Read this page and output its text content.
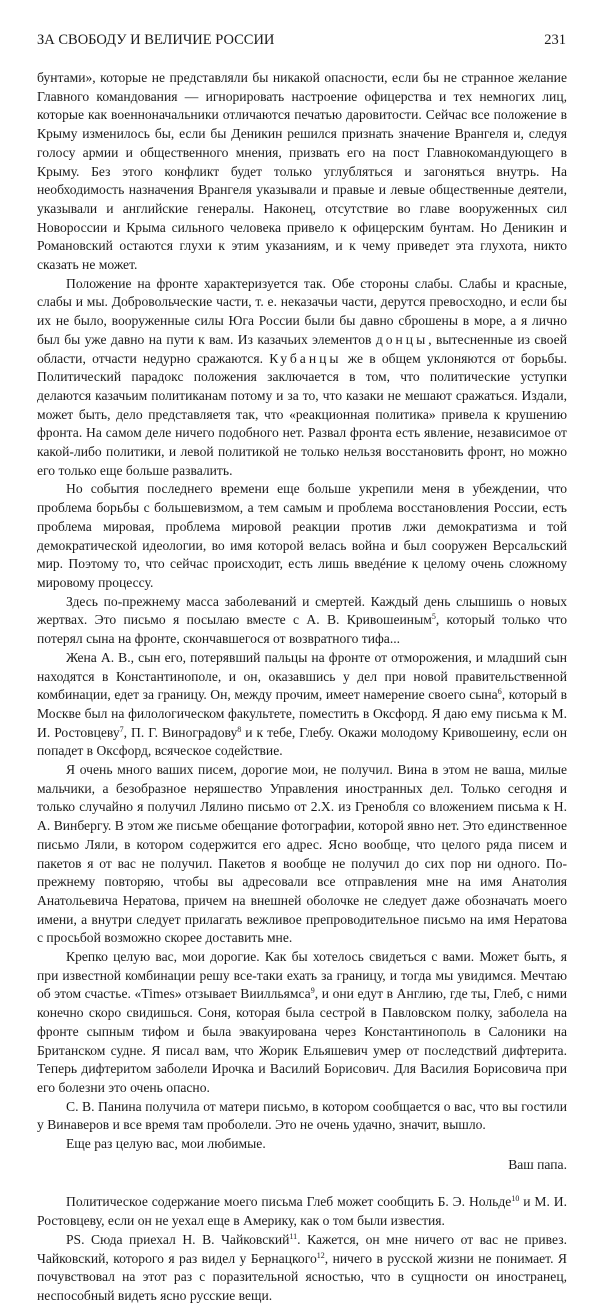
ЗА СВОБОДУ И ВЕЛИЧИЕ РОССИИ	231

бунтами», которые не представляли бы никакой опасности, если бы не странное желание Главного командования — игнорировать настроение офицерства и тех немногих лиц, которые как военноначальники отличаются печатью даровитости. Сейчас все положение в Крыму изменилось бы, если бы Деникин решился признать значение Врангеля и, следуя голосу армии и общественного мнения, призвать его на пост Главнокомандующего в Крыму. Без этого конфликт будет только углубляться и загоняться внутрь. На необходимость назначения Врангеля указывали и правые и левые общественные деятели, указывали и английские генералы. Наконец, отсутствие во главе вооруженных сил Новороссии и Крыма сильного человека привело к офицерским бунтам. Но Деникин и Романовский остаются глухи к этим указаниям, и к чему приведет эта глухота, никто сказать не может.

Положение на фронте характеризуется так. Обе стороны слабы. Слабы и красные, слабы и мы. Добровольческие части, т. е. неказачьи части, дерутся превосходно, и если бы их не было, вооруженные силы Юга России были бы давно сброшены в море, а я лично был бы уже давно на пути к вам. Из казачьих элементов донцы, вытесненные из своей области, отчасти недурно сражаются. Кубанцы же в общем уклоняются от борьбы. Политический парадокс положения заключается в том, что политические уступки делаются казачьим политиканам потому и за то, что казаки не мешают сражаться. Издали, может быть, дело представляетя так, что «реакционная политика» привела к крушению фронта. На самом деле ничего подобного нет. Развал фронта есть явление, независимое от какой-либо политики, и левой политикой не только нельзя восстановить фронт, но можно его только еще больше развалить.

Но события последнего времени еще больше укрепили меня в убеждении, что проблема борьбы с большевизмом, а тем самым и проблема восстановления России, есть проблема мировая, проблема мировой реакции против лжи демократизма и той демократической идеологии, во имя которой велась война и был сооружен Версальский мир. Поэтому то, что сейчас происходит, есть лишь введéние к целому очень сложному мировому процессу.

Здесь по-прежнему масса заболеваний и смертей. Каждый день слышишь о новых жертвах. Это письмо я посылаю вместе с А. В. Кривошеиным$^5$, который только что потерял сына на фронте, скончавшегося от возвратного тифа...

Жена А. В., сын его, потерявший пальцы на фронте от отморожения, и младший сын находятся в Константинополе, и он, оказавшись у дел при новой правительственной комбинации, едет за границу. Он, между прочим, имеет намерение своего сына$^6$, который в Москве был на филологическом факультете, поместить в Оксфорд. Я даю ему письма к М. И. Ростовцеву$^7$, П. Г. Виноградову$^8$ и к тебе, Глебу. Окажи молодому Кривошеину, если он попадет в Оксфорд, всяческое содействие.

Я очень много ваших писем, дорогие мои, не получил. Вина в этом не ваша, милые мальчики, а безобразное неряшество Управления иностранных дел. Только сегодня и только случайно я получил Лялино письмо от 2.X. из Гренобля со вложением письма к Н. А. Винбергу. В этом же письме обещание фотографии, которой явно нет. Это единственное письмо Ляли, в котором содержится его адрес. Ясно вообще, что целого ряда писем и пакетов я от вас не получил. Пакетов я вообще не получил до сих пор ни одного. По-прежнему повторяю, чтобы вы адресовали все отправления мне на имя Анатолия Анатольевича Нератова, причем на внешней оболочке не следует даже обозначать моего имени, а внутри следует прилагать вежливое препроводительное письмо на имя Нератова с просьбой возможно скорее доставить мне.

Крепко целую вас, мои дорогие. Как бы хотелось свидеться с вами. Может быть, я при известной комбинации решу все-таки ехать за границу, и тогда мы увидимся. Мечтаю об этом счастье. «Times» отзывает Виилльямса$^9$, и они едут в Англию, где ты, Глеб, с ними конечно скоро свидишься. Соня, которая была сестрой в Павловском полку, заболела на фронте сыпным тифом и была эвакуирована через Константинополь в Салоники на Британском судне. Я писал вам, что Жорик Ельяшевич умер от последствий дифтерита. Теперь дифтеритом заболели Ирочка и Василий Борисович. Для Василия Борисовича при его болезни это очень опасно.

С. В. Панина получила от матери письмо, в котором сообщается о вас, что вы гостили у Винаверов и все время там проболели. Это не очень удачно, значит, вышло.

Еще раз целую вас, мои любимые.

Ваш папа.

Политическое содержание моего письма Глеб может сообщить Б. Э. Нольде$^{10}$ и М. И. Ростовцеву, если он не уехал еще в Америку, как о том были известия.

PS. Сюда приехал Н. В. Чайковский$^{11}$. Кажется, он мне ничего от вас не привез. Чайковский, которого я раз видел у Бернацкого$^{12}$, ничего в русской жизни не понимает. Я почувствовал на этот раз с поразительной ясностью, что в сущности он иностранец, неспособный видеть ясно русские вещи.
